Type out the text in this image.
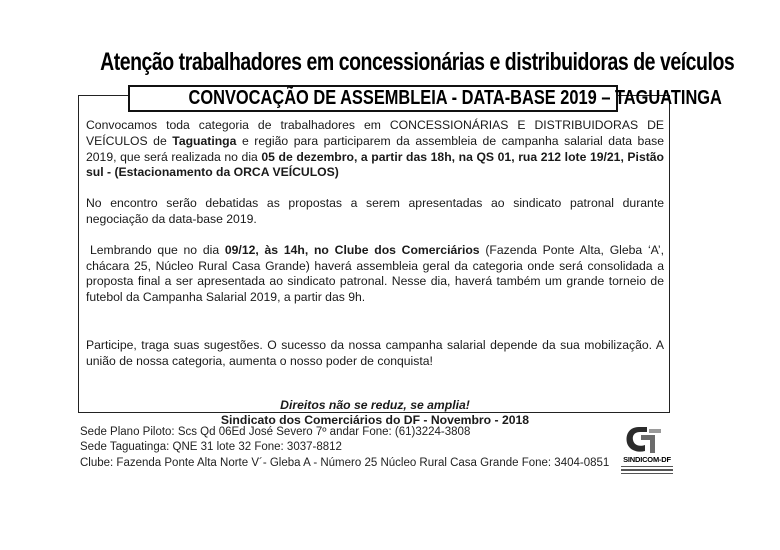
Atenção trabalhadores em concessionárias e distribuidoras de veículos
CONVOCAÇÃO DE ASSEMBLEIA - DATA-BASE 2019 – TAGUATINGA

Convocamos toda categoria de trabalhadores em CONCESSIONÁRIAS E DISTRIBUIDORAS DE VEÍCULOS de Taguatinga e região para participarem da assembleia de campanha salarial data base 2019, que será realizada no dia 05 de dezembro, a partir das 18h, na QS 01, rua 212 lote 19/21, Pistão sul - (Estacionamento da ORCA VEÍCULOS)

No encontro serão debatidas as propostas a serem apresentadas ao sindicato patronal durante negociação da data-base 2019.

Lembrando que no dia 09/12, às 14h, no Clube dos Comerciários (Fazenda Ponte Alta, Gleba ‘A’, chácara 25, Núcleo Rural Casa Grande) haverá assembleia geral da categoria onde será consolidada a proposta final a ser apresentada ao sindicato patronal. Nesse dia, haverá também um grande torneio de futebol da Campanha Salarial 2019, a partir das 9h.

Participe, traga suas sugestões. O sucesso da nossa campanha salarial depende da sua mobilização. A união de nossa categoria, aumenta o nosso poder de conquista!

Direitos não se reduz, se amplia!
Sindicato dos Comerciários do DF - Novembro - 2018
Sede Plano Piloto: Scs Qd 06Ed José Severo 7º andar Fone: (61)3224-3808
Sede Taguatinga: QNE 31 lote 32 Fone: 3037-8812
Clube: Fazenda Ponte Alta Norte V´- Gleba A - Número 25 Núcleo Rural Casa Grande Fone: 3404-0851	SINDICOM-DF
